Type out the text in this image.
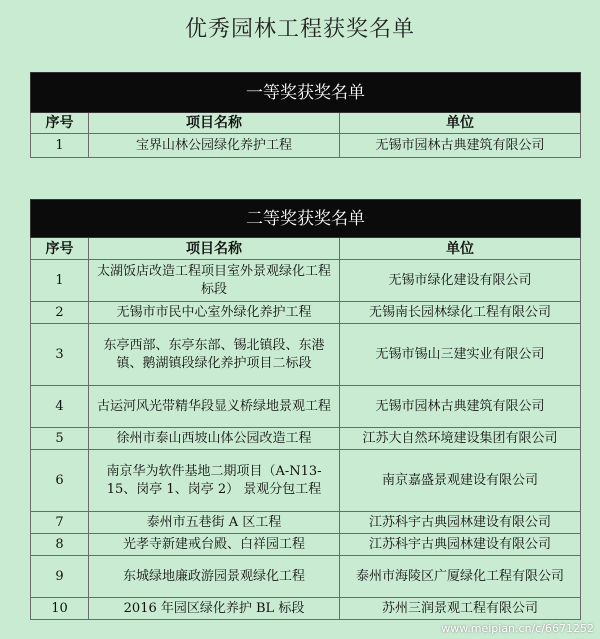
优秀园林工程获奖名单
一等奖获奖名单		
序号	项目名称	单位
1	宝界山林公园绿化养护工程	无锡市园林古典建筑有限公司
二等奖获奖名单		
序号	项目名称	单位
1	太湖饭店改造工程项目室外景观绿化工程标段	无锡市绿化建设有限公司
2	无锡市市民中心室外绿化养护工程	无锡南长园林绿化工程有限公司
3	东亭西部、东亭东部、锡北镇段、东港镇、鹅湖镇段绿化养护项目二标段	无锡市锡山三建实业有限公司
4	古运河风光带精华段显义桥绿地景观工程	无锡市园林古典建筑有限公司
5	徐州市泰山西坡山体公园改造工程	江苏大自然环境建设集团有限公司
6	南京华为软件基地二期项目（A-N13-15、岗亭 1、岗亭 2） 景观分包工程	南京嘉盛景观建设有限公司
7	泰州市五巷街 A 区工程	江苏科宇古典园林建设有限公司
8	光孝寺新建戒台殿、白祥园工程	江苏科宇古典园林建设有限公司
9	东城绿地廉政游园景观绿化工程	泰州市海陵区广厦绿化工程有限公司
10	2016 年园区绿化养护 BL 标段	苏州三润景观工程有限公司
www.meipian.cn/c/6671252
